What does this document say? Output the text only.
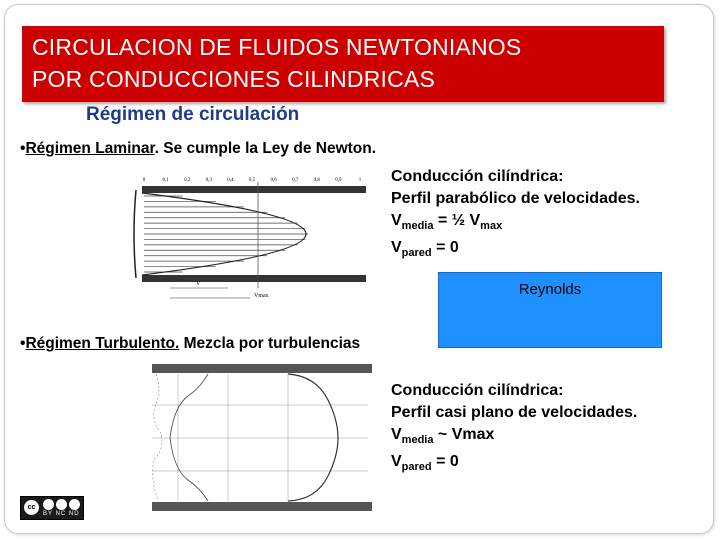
CIRCULACION DE FLUIDOS NEWTONIANOS
POR CONDUCCIONES CILINDRICAS
Régimen de circulación
•Régimen Laminar. Se cumple la Ley de Newton.
0	0,1	0,2	0,3	0,4	0,5	0,6	0,7	0,8	0,9	1
V
Vmax
Conducción cilíndrica:
Perfil parabólico de velocidades.
$V_{media}$ = ½ $V_{max}$
$V_{pared} = 0$
Reynolds
•Régimen Turbulento. Mezcla por turbulencias
Conducción cilíndrica:
Perfil casi plano de velocidades.
$V_{media}$ ~ Vmax
$V_{pared} = 0$
cc
BY NC ND
